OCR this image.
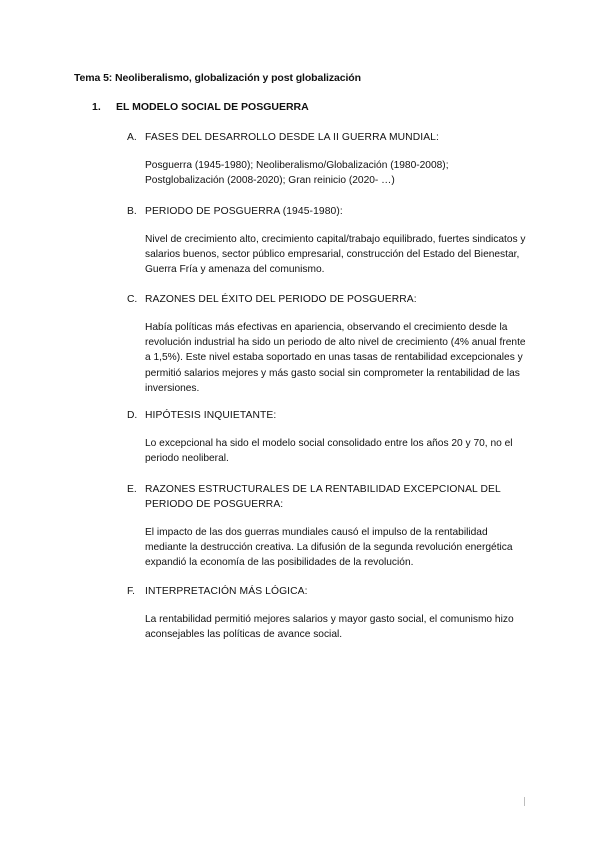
Tema 5: Neoliberalismo, globalización y post globalización
1. EL MODELO SOCIAL DE POSGUERRA
A. FASES DEL DESARROLLO DESDE LA II GUERRA MUNDIAL:
Posguerra (1945-1980); Neoliberalismo/Globalización (1980-2008); Postglobalización (2008-2020); Gran reinicio (2020- …)
B. PERIODO DE POSGUERRA (1945-1980):
Nivel de crecimiento alto, crecimiento capital/trabajo equilibrado, fuertes sindicatos y salarios buenos, sector público empresarial, construcción del Estado del Bienestar, Guerra Fría y amenaza del comunismo.
C. RAZONES DEL ÉXITO DEL PERIODO DE POSGUERRA:
Había políticas más efectivas en apariencia, observando el crecimiento desde la revolución industrial ha sido un periodo de alto nivel de crecimiento (4% anual frente a 1,5%). Este nivel estaba soportado en unas tasas de rentabilidad excepcionales y permitió salarios mejores y más gasto social sin comprometer la rentabilidad de las inversiones.
D. HIPÓTESIS INQUIETANTE:
Lo excepcional ha sido el modelo social consolidado entre los años 20 y 70, no el periodo neoliberal.
E. RAZONES ESTRUCTURALES DE LA RENTABILIDAD EXCEPCIONAL DEL PERIODO DE POSGUERRA:
El impacto de las dos guerras mundiales causó el impulso de la rentabilidad mediante la destrucción creativa. La difusión de la segunda revolución energética expandió la economía de las posibilidades de la revolución.
F. INTERPRETACIÓN MÁS LÓGICA:
La rentabilidad permitió mejores salarios y mayor gasto social, el comunismo hizo aconsejables las políticas de avance social.
